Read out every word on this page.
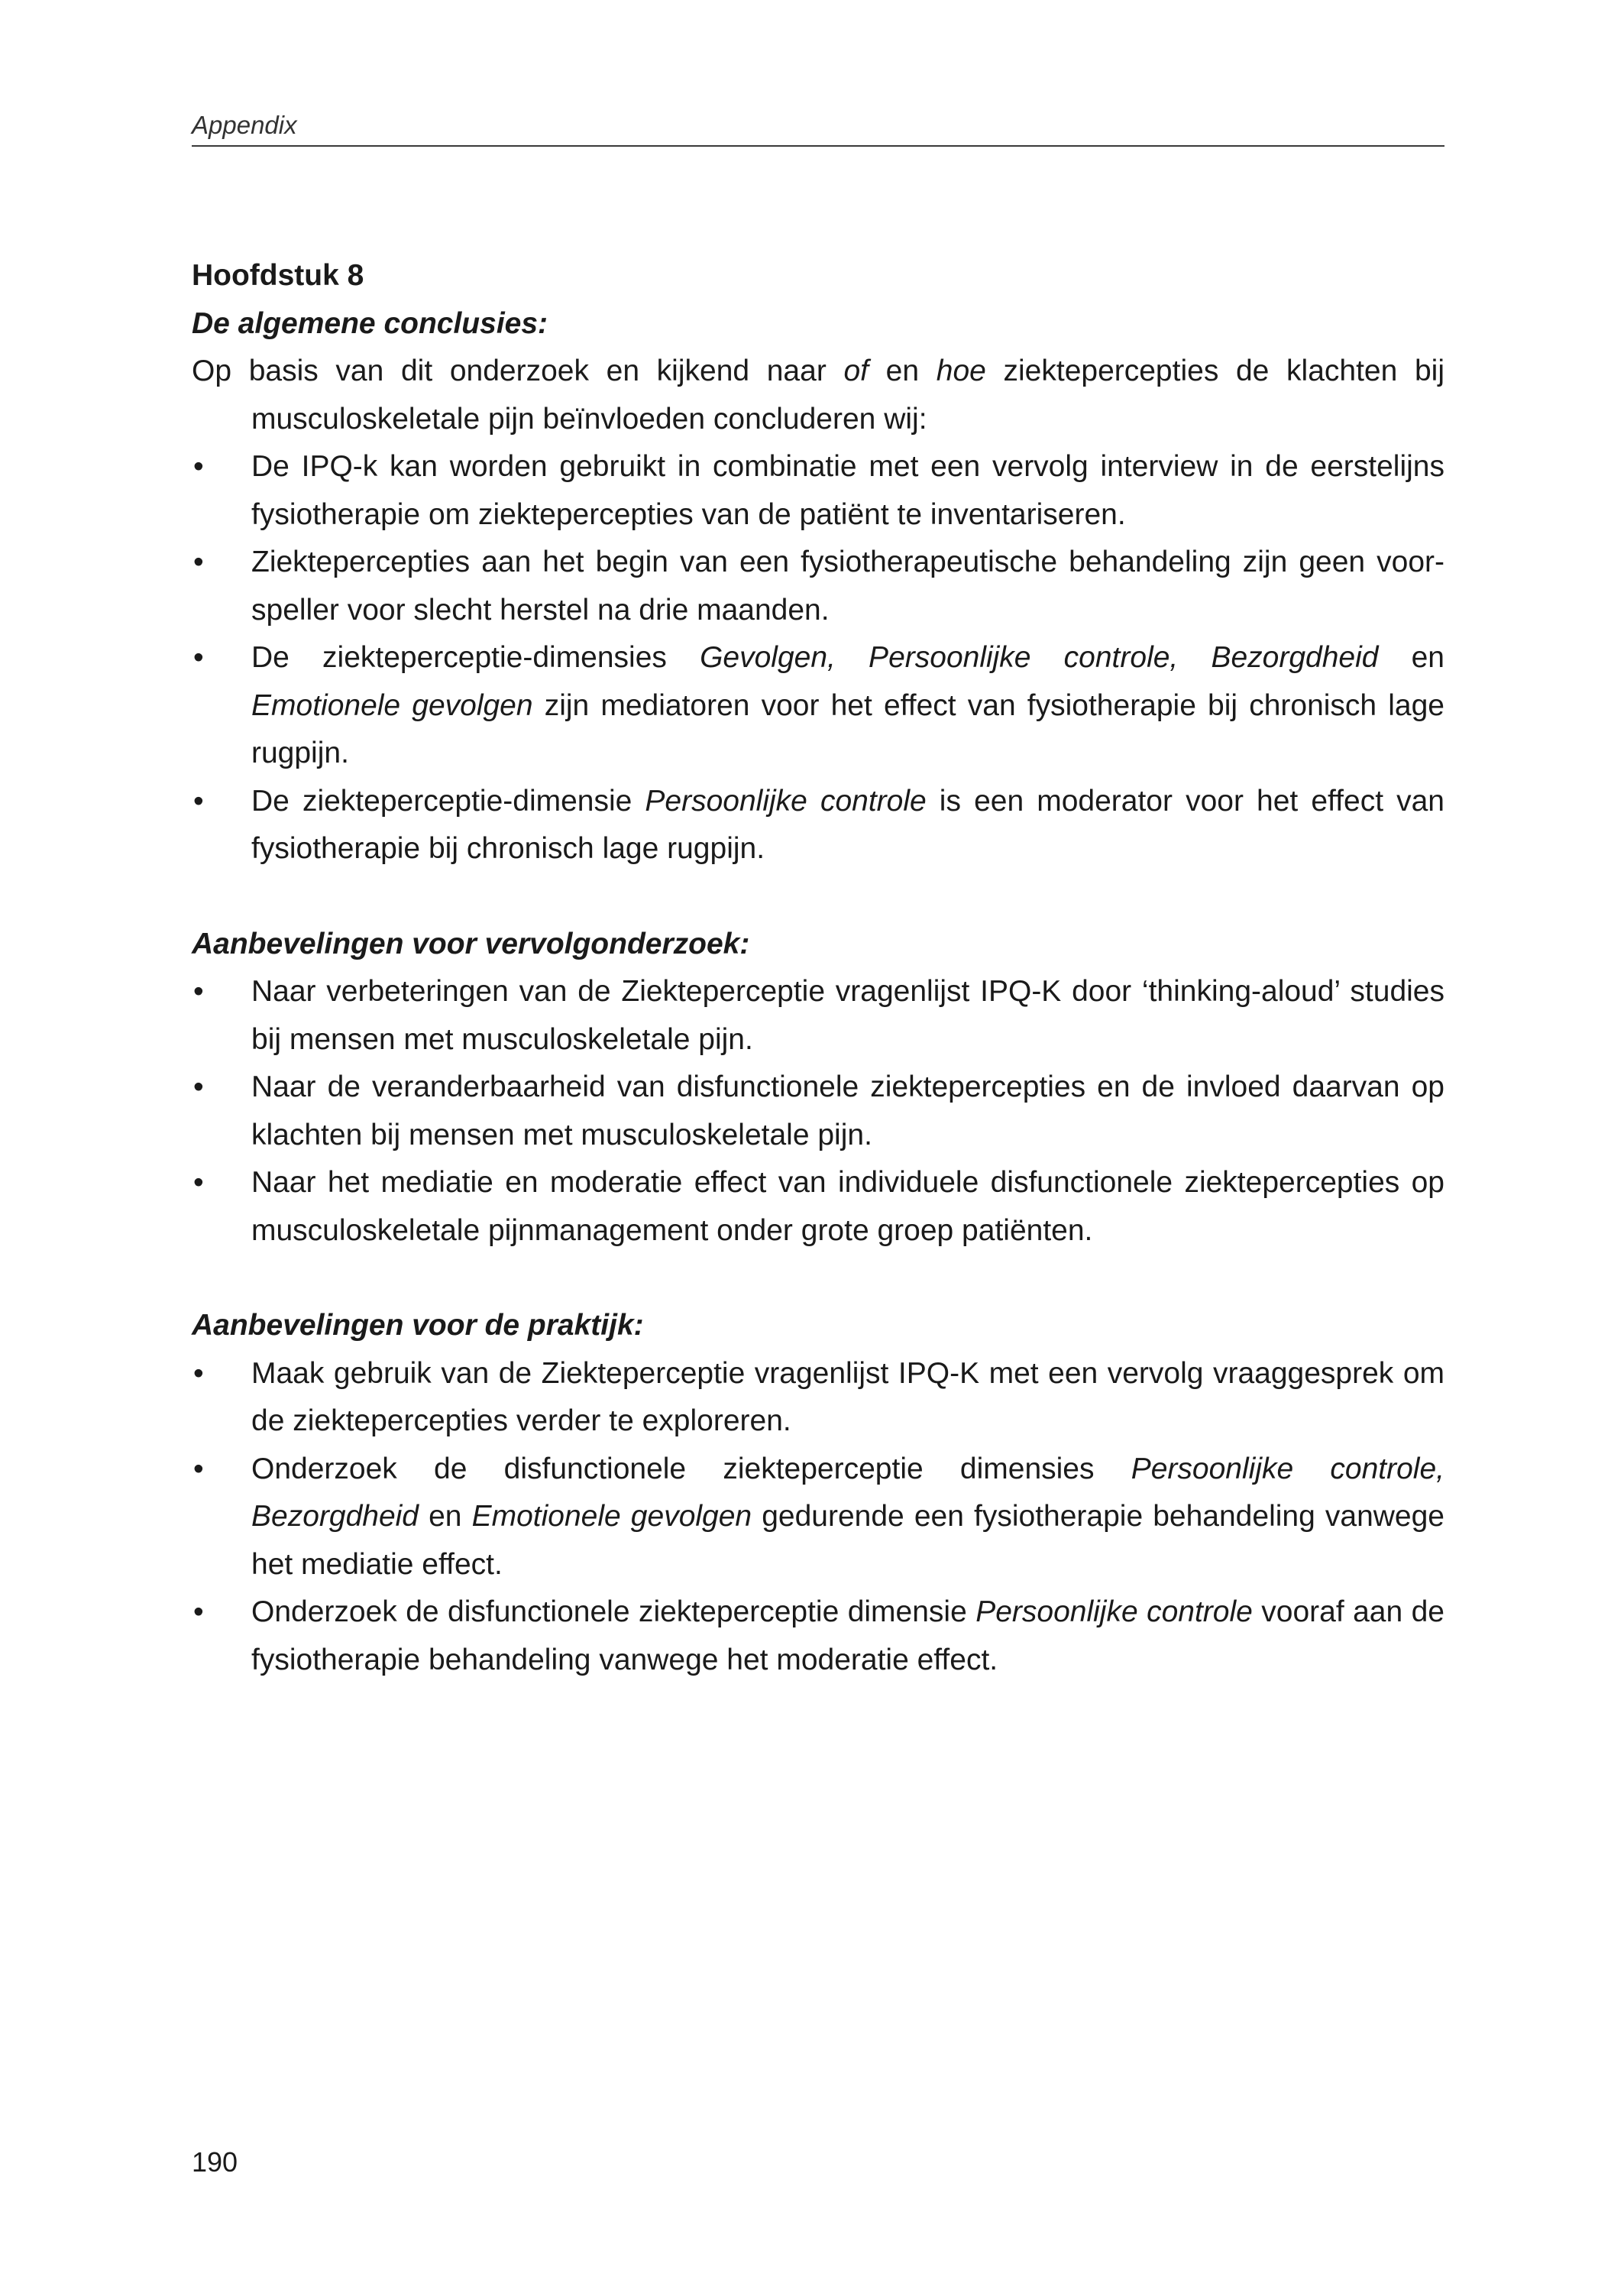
Appendix

Hoofdstuk 8

De algemene conclusies:

Op basis van dit onderzoek en kijkend naar of en hoe ziektepercepties de klachten bij musculoskeletale pijn beïnvloeden concluderen wij:

• De IPQ-k kan worden gebruikt in combinatie met een vervolg interview in de eerstelijns fysiotherapie om ziektepercepties van de patiënt te inventariseren.
• Ziektepercepties aan het begin van een fysiotherapeutische behandeling zijn geen voorspeller voor slecht herstel na drie maanden.
• De ziekteperceptie-dimensies Gevolgen, Persoonlijke controle, Bezorgdheid en Emotionele gevolgen zijn mediatoren voor het effect van fysiotherapie bij chronisch lage rugpijn.
• De ziekteperceptie-dimensie Persoonlijke controle is een moderator voor het effect van fysiotherapie bij chronisch lage rugpijn.

Aanbevelingen voor vervolgonderzoek:

• Naar verbeteringen van de Ziekteperceptie vragenlijst IPQ-K door ‘thinking-aloud’ studies bij mensen met musculoskeletale pijn.
• Naar de veranderbaarheid van disfunctionele ziektepercepties en de invloed daarvan op klachten bij mensen met musculoskeletale pijn.
• Naar het mediatie en moderatie effect van individuele disfunctionele ziektepercepties op musculoskeletale pijnmanagement onder grote groep patiënten.

Aanbevelingen voor de praktijk:

• Maak gebruik van de Ziekteperceptie vragenlijst IPQ-K met een vervolg vraaggesprek om de ziektepercepties verder te exploreren.
• Onderzoek de disfunctionele ziekteperceptie dimensies Persoonlijke controle, Bezorgdheid en Emotionele gevolgen gedurende een fysiotherapie behandeling vanwege het mediatie effect.
• Onderzoek de disfunctionele ziekteperceptie dimensie Persoonlijke controle vooraf aan de fysiotherapie behandeling vanwege het moderatie effect.
190
